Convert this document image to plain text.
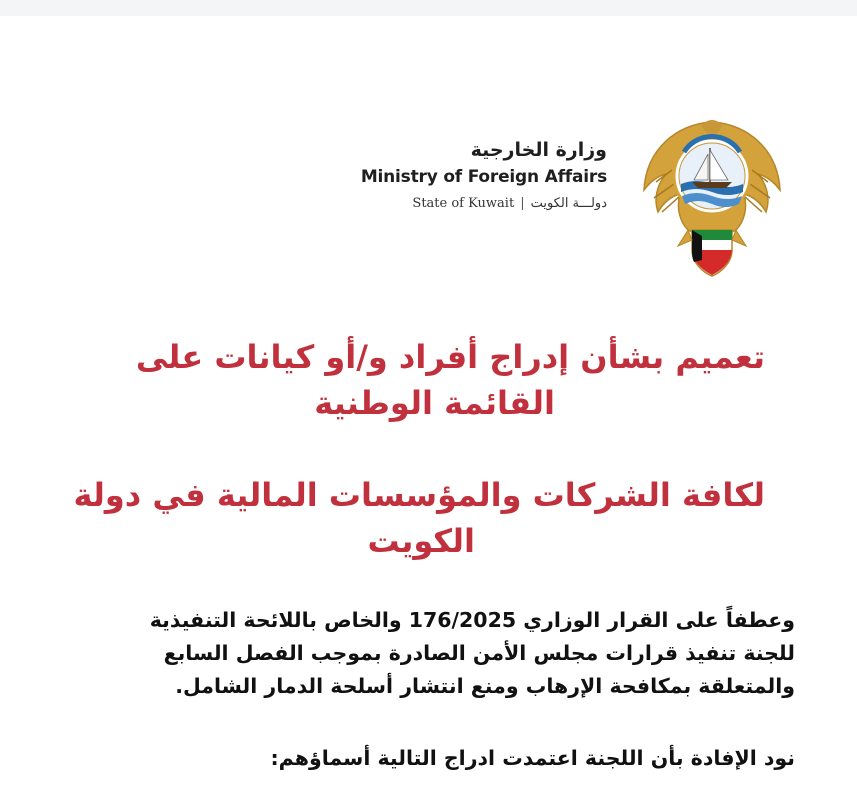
وزارة الخارجية
Ministry of Foreign Affairs
State of Kuwait | دولـــة الكويت
تعميم بشأن إدراج أفراد و/أو كيانات على
القائمة الوطنية
لكافة الشركات والمؤسسات المالية في دولة
الكويت
وعطفاً على القرار الوزاري 176/2025 والخاص باللائحة التنفيذية
للجنة تنفيذ قرارات مجلس الأمن الصادرة بموجب الفصل السابع
والمتعلقة بمكافحة الإرهاب ومنع انتشار أسلحة الدمار الشامل.
نود الإفادة بأن اللجنة اعتمدت ادراج التالية أسماؤهم:
